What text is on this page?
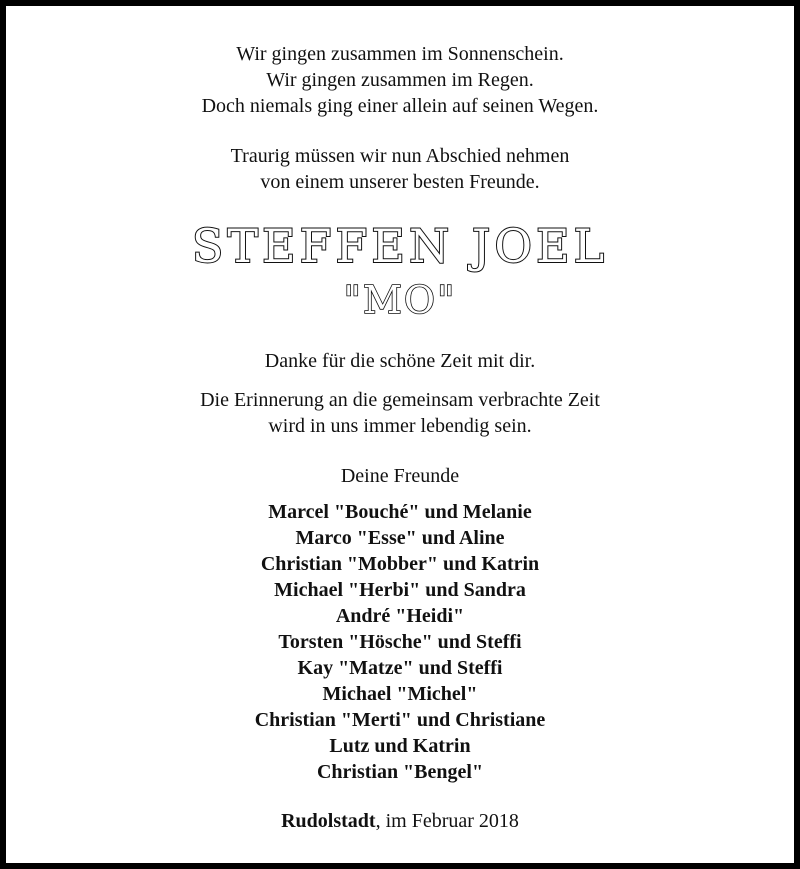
Wir gingen zusammen im Sonnenschein.
Wir gingen zusammen im Regen.
Doch niemals ging einer allein auf seinen Wegen.
Traurig müssen wir nun Abschied nehmen
von einem unserer besten Freunde.
STEFFEN JOEL
"MO"
Danke für die schöne Zeit mit dir.
Die Erinnerung an die gemeinsam verbrachte Zeit
wird in uns immer lebendig sein.
Deine Freunde
Marcel "Bouché" und Melanie
Marco "Esse" und Aline
Christian "Mobber" und Katrin
Michael "Herbi" und Sandra
André "Heidi"
Torsten "Hösche" und Steffi
Kay "Matze" und Steffi
Michael "Michel"
Christian "Merti" und Christiane
Lutz und Katrin
Christian "Bengel"
Rudolstadt, im Februar 2018
